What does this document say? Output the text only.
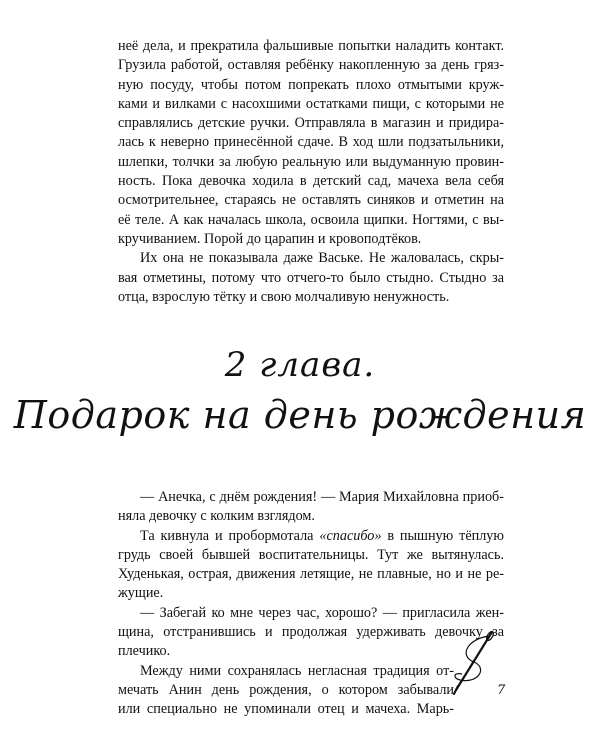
неё дела, и прекратила фальшивые попытки наладить контакт.
Грузила работой, оставляя ребёнку накопленную за день гряз-
ную посуду, чтобы потом попрекать плохо отмытыми круж-
ками и вилками с насохшими остатками пищи, с которыми не
справлялись детские ручки. Отправляла в магазин и придира-
лась к неверно принесённой сдаче. В ход шли подзатыльники,
шлепки, толчки за любую реальную или выдуманную провин-
ность. Пока девочка ходила в детский сад, мачеха вела себя
осмотрительнее, стараясь не оставлять синяков и отметин на
её теле. А как началась школа, освоила щипки. Ногтями, с вы-
кручиванием. Порой до царапин и кровоподтёков.

Их она не показывала даже Ваське. Не жаловалась, скры-
вая отметины, потому что отчего-то было стыдно. Стыдно за
отца, взрослую тётку и свою молчаливую ненужность.

2 глава.
Подарок на день рождения

— Анечка, с днём рождения! — Мария Михайловна приоб-
няла девочку с колким взглядом.

Та кивнула и пробормотала «спасибо» в пышную тёплую
грудь своей бывшей воспитательницы. Тут же вытянулась.
Худенькая, острая, движения летящие, не плавные, но и не ре-
жущие.

— Забегай ко мне через час, хорошо? — пригласила жен-
щина, отстранившись и продолжая удерживать девочку за
плечико.

Между ними сохранялась негласная традиция от-
мечать Анин день рождения, о котором забывали
или специально не упоминали отец и мачеха. Марь-

7
